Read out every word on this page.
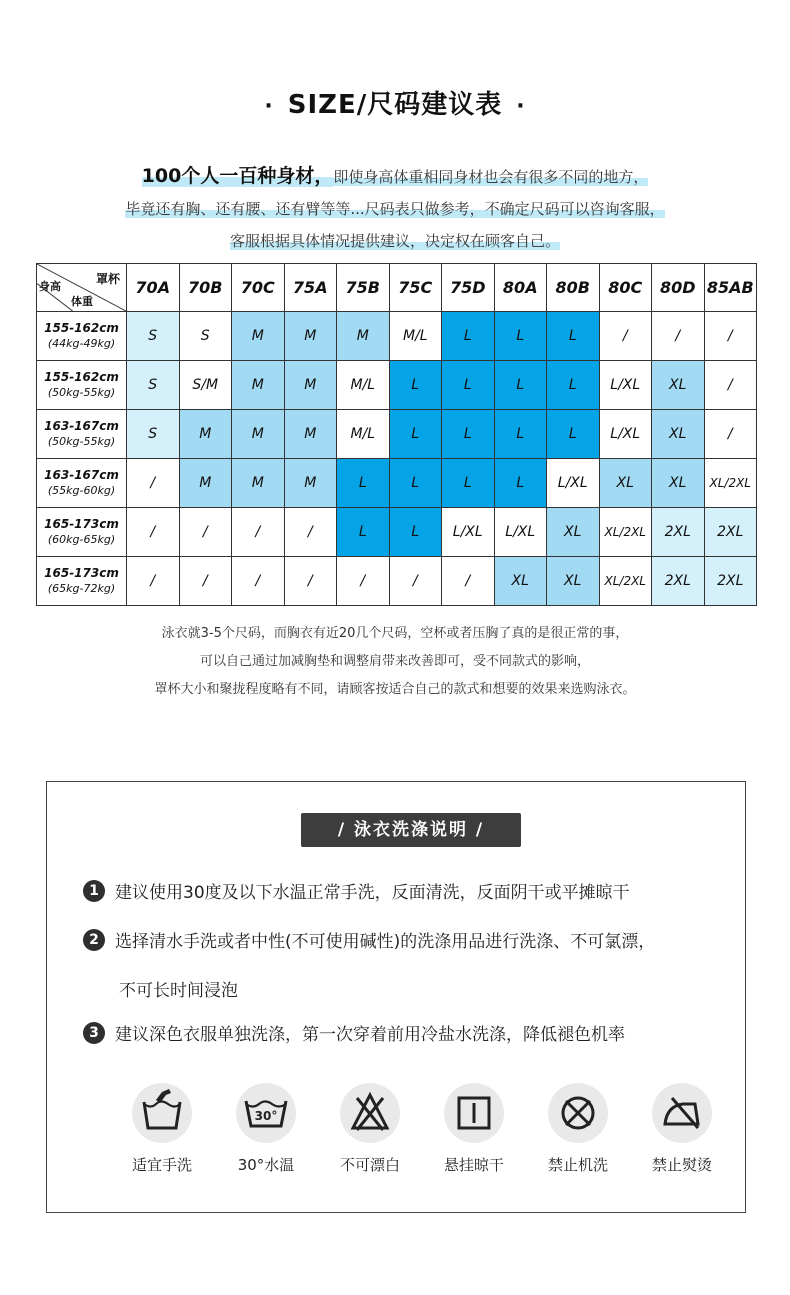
· SIZE/尺码建议表 ·
100个人一百种身材，即使身高体重相同身材也会有很多不同的地方，
毕竟还有胸、还有腰、还有臂等等...尺码表只做参考，不确定尺码可以咨询客服，
客服根据具体情况提供建议，决定权在顾客自己。
罩杯
身高
体重	70A	70B	70C	75A	75B	75C	75D	80A	80B	80C	80D	85AB

155-162cm
(44kg-49kg)	S	S	M	M	M	M/L	L	L	L	/	/	/

155-162cm
(50kg-55kg)	S	S/M	M	M	M/L	L	L	L	L	L/XL	XL	/

163-167cm
(50kg-55kg)	S	M	M	M	M/L	L	L	L	L	L/XL	XL	/

163-167cm
(55kg-60kg)	/	M	M	M	L	L	L	L	L/XL	XL	XL	XL/2XL

165-173cm
(60kg-65kg)	/	/	/	/	L	L	L/XL	L/XL	XL	XL/2XL	2XL	2XL

165-173cm
(65kg-72kg)	/	/	/	/	/	/	/	XL	XL	XL/2XL	2XL	2XL

泳衣就3-5个尺码，而胸衣有近20几个尺码，空杯或者压胸了真的是很正常的事，

可以自己通过加减胸垫和调整肩带来改善即可，受不同款式的影响，

罩杯大小和聚拢程度略有不同，请顾客按适合自己的款式和想要的效果来选购泳衣。

/ 泳衣洗涤说明 /
1 建议使用30度及以下水温正常手洗，反面清洗，反面阴干或平摊晾干
2 选择清水手洗或者中性(不可使用碱性)的洗涤用品进行洗涤、不可氯漂，
不可长时间浸泡
3 建议深色衣服单独洗涤，第一次穿着前用冷盐水洗涤，降低褪色机率
适宜手洗
30°
30°水温	不可漂白	悬挂晾干	禁止机洗	禁止熨烫
